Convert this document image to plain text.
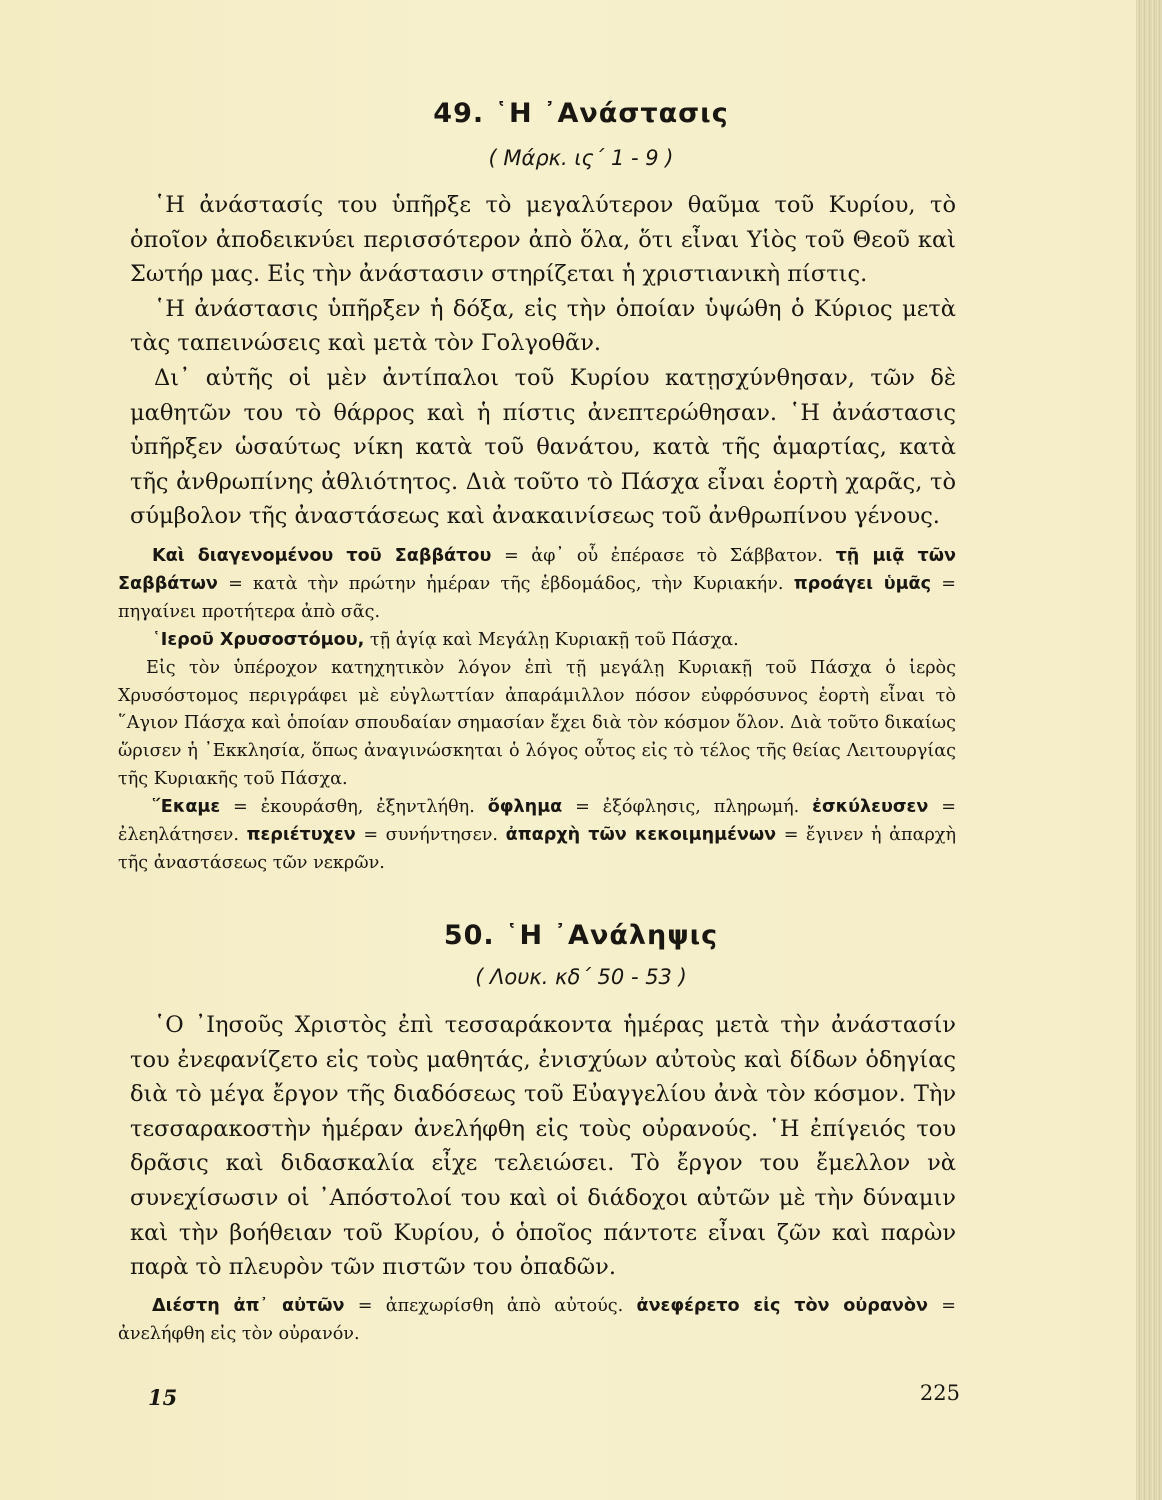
49. ῾Η ᾿Ανάστασις
( Μάρκ. ις΄ 1 - 9 )

῾Η ἀνάστασίς του ὑπῆρξε τὸ μεγαλύτερον θαῦμα τοῦ Κυρίου, τὸ ὁποῖον ἀποδεικνύει περισσότερον ἀπὸ ὅλα, ὅτι εἶναι Υἱὸς τοῦ Θεοῦ καὶ Σωτήρ μας. Εἰς τὴν ἀνάστασιν στηρίζεται ἡ χριστιανικὴ πίστις.

῾Η ἀνάστασις ὑπῆρξεν ἡ δόξα, εἰς τὴν ὁποίαν ὑψώθη ὁ Κύριος μετὰ τὰς ταπεινώσεις καὶ μετὰ τὸν Γολγοθᾶν.

Δι᾿ αὐτῆς οἱ μὲν ἀντίπαλοι τοῦ Κυρίου κατῃσχύνθησαν, τῶν δὲ μαθητῶν του τὸ θάρρος καὶ ἡ πίστις ἀνεπτερώθησαν. ῾Η ἀνάστασις ὑπῆρξεν ὡσαύτως νίκη κατὰ τοῦ θανάτου, κατὰ τῆς ἁμαρτίας, κατὰ τῆς ἀνθρωπίνης ἀθλιότητος. Διὰ τοῦτο τὸ Πάσχα εἶναι ἑορτὴ χαρᾶς, τὸ σύμβολον τῆς ἀναστάσεως καὶ ἀνακαινίσεως τοῦ ἀνθρωπίνου γένους.

Καὶ διαγενομένου τοῦ Σαββάτου = ἀφ᾿ οὗ ἐπέρασε τὸ Σάββατον. τῇ μιᾷ τῶν Σαββάτων = κατὰ τὴν πρώτην ἡμέραν τῆς ἑβδομάδος, τὴν Κυριακήν. προάγει ὑμᾶς = πηγαίνει προτήτερα ἀπὸ σᾶς.

῾Ιεροῦ Χρυσοστόμου, τῇ ἁγίᾳ καὶ Μεγάλῃ Κυριακῇ τοῦ Πάσχα.

Εἰς τὸν ὑπέροχον κατηχητικὸν λόγον ἐπὶ τῇ μεγάλῃ Κυριακῇ τοῦ Πάσχα ὁ ἱερὸς Χρυσόστομος περιγράφει μὲ εὐγλωττίαν ἀπαράμιλλον πόσον εὐφρόσυνος ἑορτὴ εἶναι τὸ ῞Αγιον Πάσχα καὶ ὁποίαν σπουδαίαν σημασίαν ἔχει διὰ τὸν κόσμον ὅλον. Διὰ τοῦτο δικαίως ὥρισεν ἡ ᾿Εκκλησία, ὅπως ἀναγινώσκηται ὁ λόγος οὗτος εἰς τὸ τέλος τῆς θείας Λειτουργίας τῆς Κυριακῆς τοῦ Πάσχα.

῞Εκαμε = ἐκουράσθη, ἐξηντλήθη. ὄφλημα = ἐξόφλησις, πληρωμή. ἐσκύλευσεν = ἐλεηλάτησεν. περιέτυχεν = συνήντησεν. ἀπαρχὴ τῶν κεκοιμημένων = ἔγινεν ἡ ἀπαρχὴ τῆς ἀναστάσεως τῶν νεκρῶν.

50. ῾Η ᾿Ανάληψις
( Λουκ. κδ΄ 50 - 53 )

῾Ο ᾿Ιησοῦς Χριστὸς ἐπὶ τεσσαράκοντα ἡμέρας μετὰ τὴν ἀνάστασίν του ἐνεφανίζετο εἰς τοὺς μαθητάς, ἐνισχύων αὐτοὺς καὶ δίδων ὁδηγίας διὰ τὸ μέγα ἔργον τῆς διαδόσεως τοῦ Εὐαγγελίου ἀνὰ τὸν κόσμον. Τὴν τεσσαρακοστὴν ἡμέραν ἀνελήφθη εἰς τοὺς οὐρανούς. ῾Η ἐπίγειός του δρᾶσις καὶ διδασκαλία εἶχε τελειώσει. Τὸ ἔργον του ἔμελλον νὰ συνεχίσωσιν οἱ ᾿Απόστολοί του καὶ οἱ διάδοχοι αὐτῶν μὲ τὴν δύναμιν καὶ τὴν βοήθειαν τοῦ Κυρίου, ὁ ὁποῖος πάντοτε εἶναι ζῶν καὶ παρὼν παρὰ τὸ πλευρὸν τῶν πιστῶν του ὀπαδῶν.

Διέστη ἀπ᾿ αὐτῶν = ἀπεχωρίσθη ἀπὸ αὐτούς. ἀνεφέρετο εἰς τὸν οὐρανὸν = ἀνελήφθη εἰς τὸν οὐρανόν.

15	225
